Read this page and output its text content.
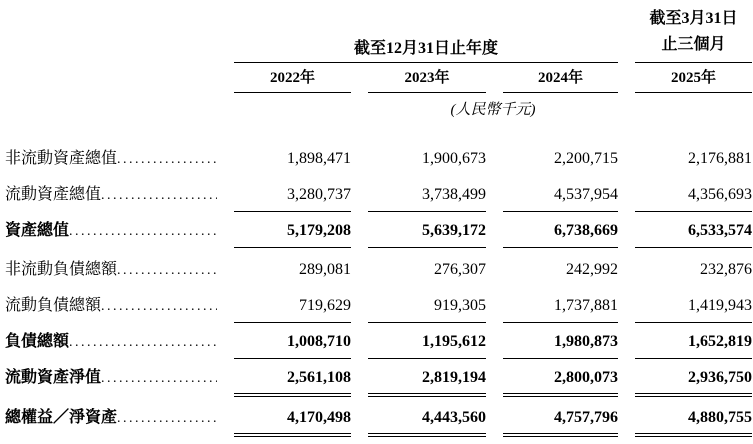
截至12月31日止年度
截至3月31日
止三個月
2022年	2023年	2024年	2025年
(人民幣千元)
非流動資產總值 .....	1,898,471	1,900,673	2,200,715	2,176,881
流動資產總值 .....	3,280,737	3,738,499	4,537,954	4,356,693
資產總值 .....	5,179,208	5,639,172	6,738,669	6,533,574
非流動負債總額 .....	289,081	276,307	242,992	232,876
流動負債總額 .....	719,629	919,305	1,737,881	1,419,943
負債總額 .....	1,008,710	1,195,612	1,980,873	1,652,819
流動資產淨值 .....	2,561,108	2,819,194	2,800,073	2,936,750
總權益／淨資產 .....	4,170,498	4,443,560	4,757,796	4,880,755
